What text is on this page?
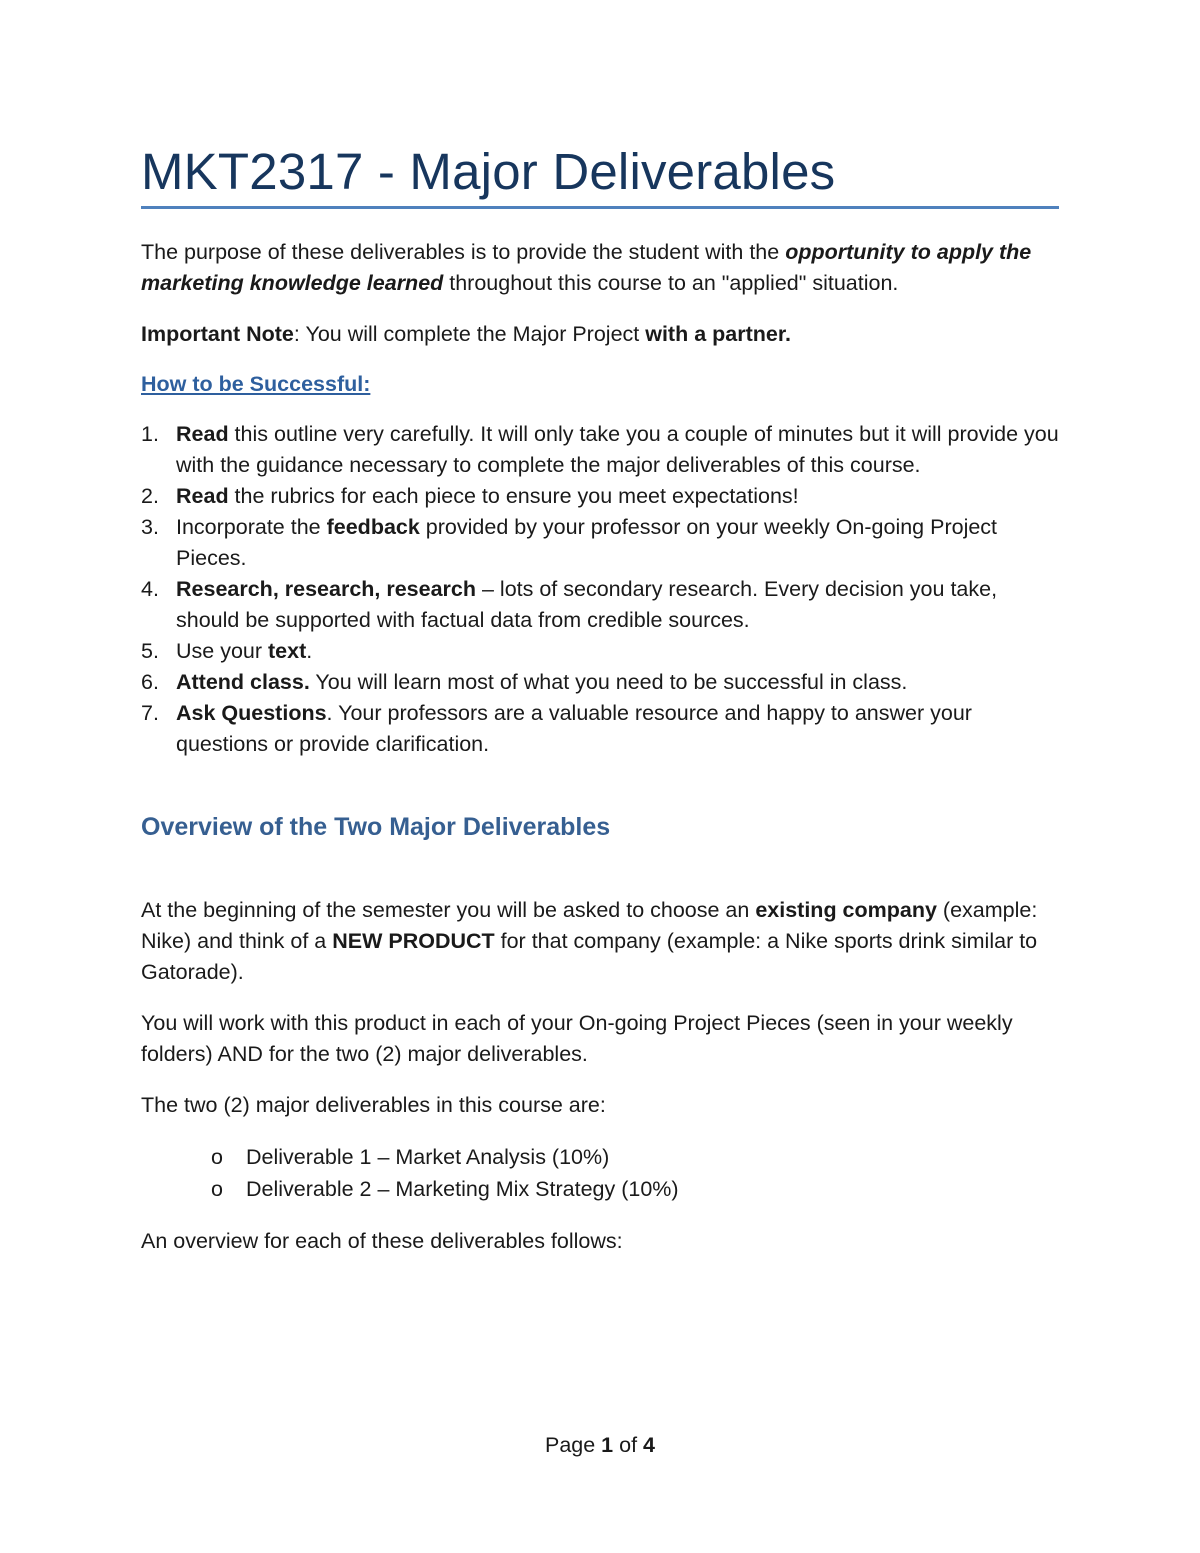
MKT2317 - Major Deliverables

The purpose of these deliverables is to provide the student with the opportunity to apply the marketing knowledge learned throughout this course to an "applied" situation.

Important Note: You will complete the Major Project with a partner.

How to be Successful:

1. Read this outline very carefully. It will only take you a couple of minutes but it will provide you with the guidance necessary to complete the major deliverables of this course.
2. Read the rubrics for each piece to ensure you meet expectations!
3. Incorporate the feedback provided by your professor on your weekly On-going Project Pieces.
4. Research, research, research – lots of secondary research. Every decision you take, should be supported with factual data from credible sources.
5. Use your text.
6. Attend class. You will learn most of what you need to be successful in class.
7. Ask Questions. Your professors are a valuable resource and happy to answer your questions or provide clarification.
Overview of the Two Major Deliverables

At the beginning of the semester you will be asked to choose an existing company (example: Nike) and think of a NEW PRODUCT for that company (example: a Nike sports drink similar to Gatorade).

You will work with this product in each of your On-going Project Pieces (seen in your weekly folders) AND for the two (2) major deliverables.

The two (2) major deliverables in this course are:

o Deliverable 1 – Market Analysis (10%)
o Deliverable 2 – Marketing Mix Strategy (10%)

An overview for each of these deliverables follows:

Page 1 of 4
